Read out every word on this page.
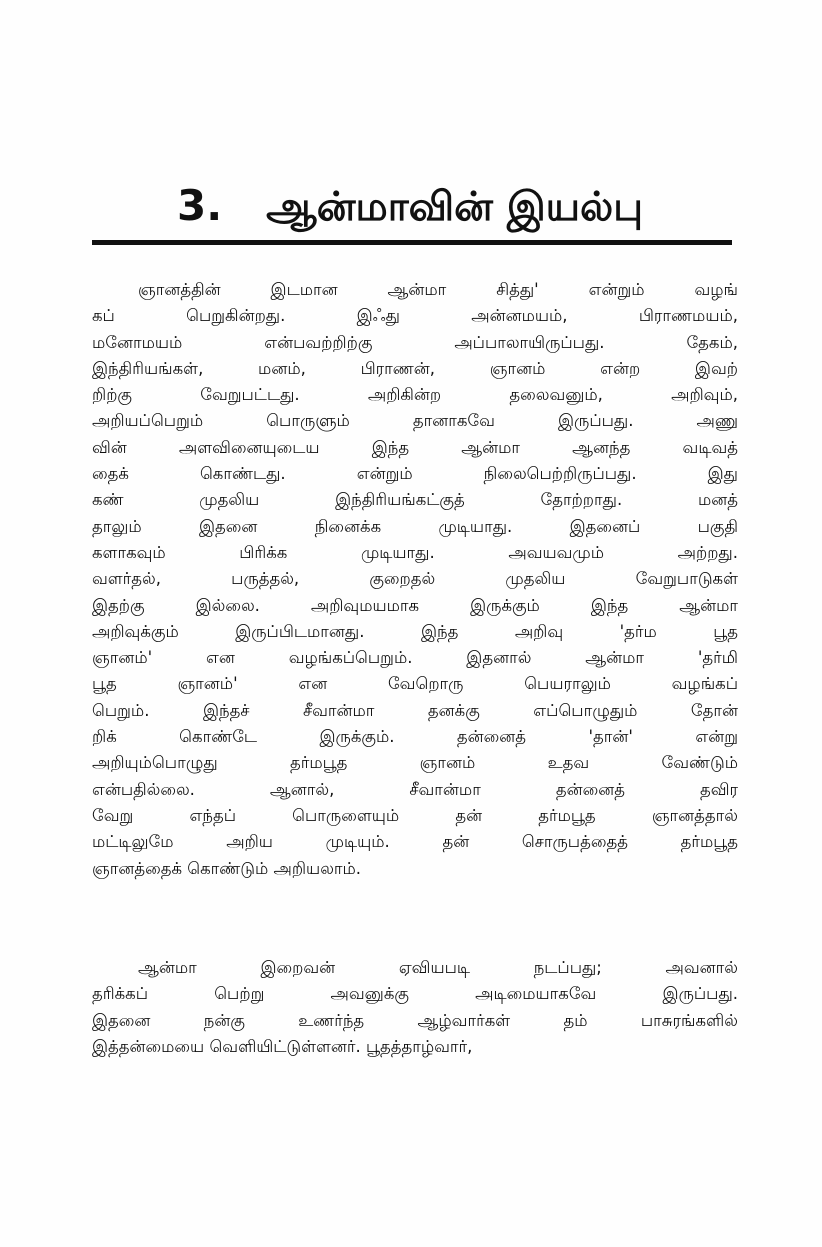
3. ஆன்மாவின் இயல்பு
ஞானத்தின் இடமான ஆன்மா சித்து' என்றும் வழங்
கப் பெறுகின்றது. இஃது அன்னமயம், பிராணமயம்,
மனோமயம் என்பவற்றிற்கு அப்பாலாயிருப்பது. தேகம்,
இந்திரியங்கள், மனம், பிராணன், ஞானம் என்ற இவற்
றிற்கு வேறுபட்டது. அறிகின்ற தலைவனும், அறிவும்,
அறியப்பெறும் பொருளும் தானாகவே இருப்பது. அணு
வின் அளவினையுடைய இந்த ஆன்மா ஆனந்த வடிவத்
தைக் கொண்டது. என்றும் நிலைபெற்றிருப்பது. இது
கண் முதலிய இந்திரியங்கட்குத் தோற்றாது. மனத்
தாலும் இதனை நினைக்க முடியாது. இதனைப் பகுதி
களாகவும் பிரிக்க முடியாது. அவயவமும் அற்றது.
வளர்தல், பருத்தல், குறைதல் முதலிய வேறுபாடுகள்
இதற்கு இல்லை. அறிவுமயமாக இருக்கும் இந்த ஆன்மா
அறிவுக்கும் இருப்பிடமானது. இந்த அறிவு 'தர்ம பூத
ஞானம்' என வழங்கப்பெறும். இதனால் ஆன்மா 'தர்மி
பூத ஞானம்' என வேறொரு பெயராலும் வழங்கப்
பெறும். இந்தச் சீவான்மா தனக்கு எப்பொழுதும் தோன்
றிக் கொண்டே இருக்கும். தன்னைத் 'தான்' என்று
அறியும்பொழுது தர்மபூத ஞானம் உதவ வேண்டும்
என்பதில்லை. ஆனால், சீவான்மா தன்னைத் தவிர
வேறு எந்தப் பொருளையும் தன் தர்மபூத ஞானத்தால்
மட்டிலுமே அறிய முடியும். தன் சொருபத்தைத் தர்மபூத
ஞானத்தைக் கொண்டும் அறியலாம்.
ஆன்மா இறைவன் ஏவியபடி நடப்பது; அவனால்
தரிக்கப் பெற்று அவனுக்கு அடிமையாகவே இருப்பது.
இதனை நன்கு உணர்ந்த ஆழ்வார்கள் தம் பாசுரங்களில்
இத்தன்மையை வெளியிட்டுள்ளனர். பூதத்தாழ்வார்,
